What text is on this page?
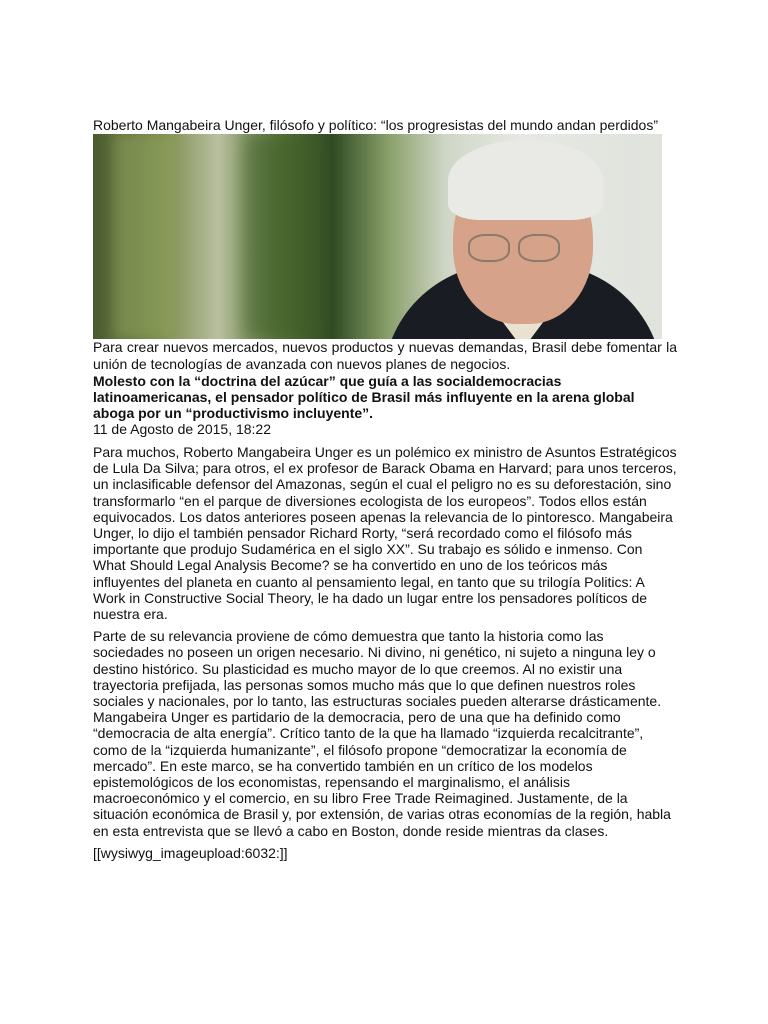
Roberto Mangabeira Unger, filósofo y político: “los progresistas del mundo andan perdidos”

Para crear nuevos mercados, nuevos productos y nuevas demandas, Brasil debe fomentar la unión de tecnologías de avanzada con nuevos planes de negocios.

Molesto con la “doctrina del azúcar” que guía a las socialdemocracias latinoamericanas, el pensador político de Brasil más influyente en la arena global aboga por un “productivismo incluyente”.

11 de Agosto de 2015, 18:22

Para muchos, Roberto Mangabeira Unger es un polémico ex ministro de Asuntos Estratégicos de Lula Da Silva; para otros, el ex profesor de Barack Obama en Harvard; para unos terceros, un inclasificable defensor del Amazonas, según el cual el peligro no es su deforestación, sino transformarlo “en el parque de diversiones ecologista de los europeos”. Todos ellos están equivocados. Los datos anteriores poseen apenas la relevancia de lo pintoresco. Mangabeira Unger, lo dijo el también pensador Richard Rorty, “será recordado como el filósofo más importante que produjo Sudamérica en el siglo XX”. Su trabajo es sólido e inmenso. Con What Should Legal Analysis Become? se ha convertido en uno de los teóricos más influyentes del planeta en cuanto al pensamiento legal, en tanto que su trilogía Politics: A Work in Constructive Social Theory, le ha dado un lugar entre los pensadores políticos de nuestra era.

Parte de su relevancia proviene de cómo demuestra que tanto la historia como las sociedades no poseen un origen necesario. Ni divino, ni genético, ni sujeto a ninguna ley o destino histórico. Su plasticidad es mucho mayor de lo que creemos. Al no existir una trayectoria prefijada, las personas somos mucho más que lo que definen nuestros roles sociales y nacionales, por lo tanto, las estructuras sociales pueden alterarse drásticamente. Mangabeira Unger es partidario de la democracia, pero de una que ha definido como “democracia de alta energía”. Crítico tanto de la que ha llamado “izquierda recalcitrante”, como de la “izquierda humanizante”, el filósofo propone “democratizar la economía de mercado”. En este marco, se ha convertido también en un crítico de los modelos epistemológicos de los economistas, repensando el marginalismo, el análisis macroeconómico y el comercio, en su libro Free Trade Reimagined. Justamente, de la situación económica de Brasil y, por extensión, de varias otras economías de la región, habla en esta entrevista que se llevó a cabo en Boston, donde reside mientras da clases.

[[wysiwyg_imageupload:6032:]]
